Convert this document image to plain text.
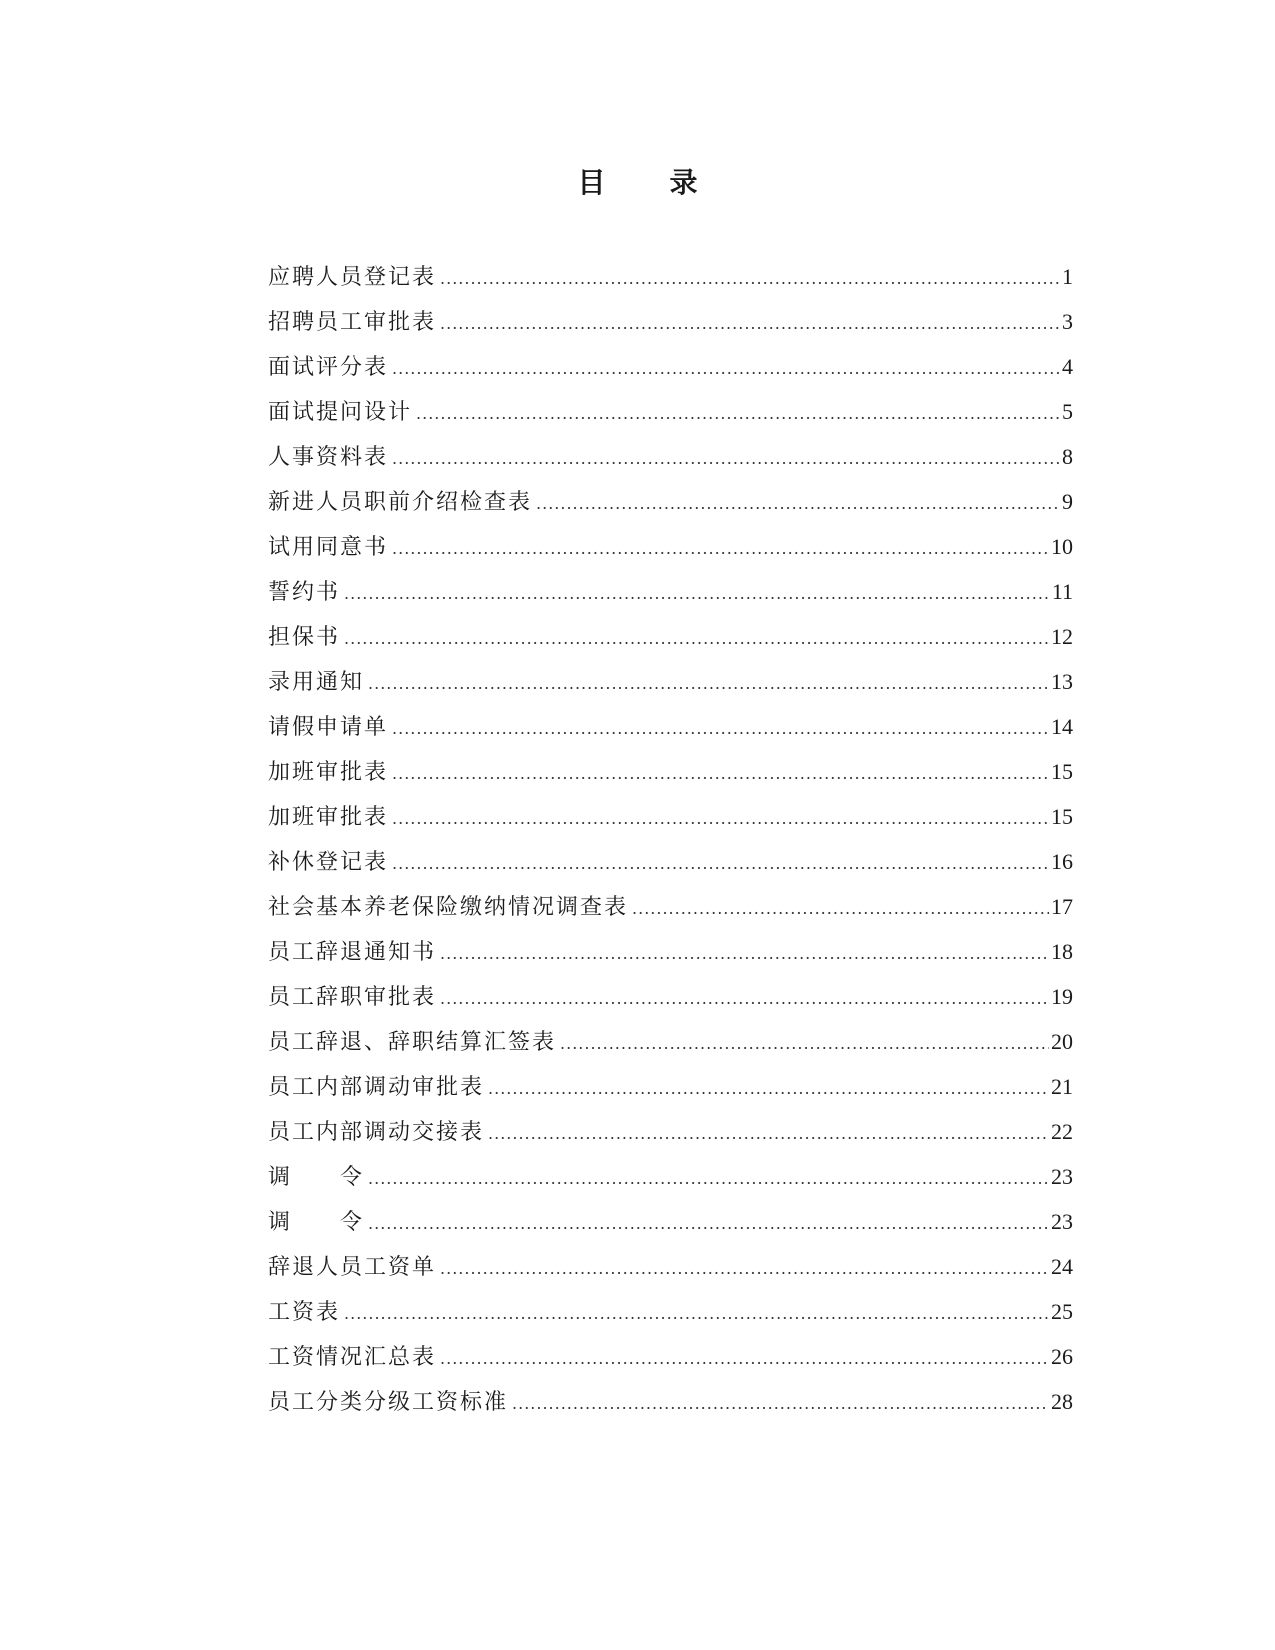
目 录
应聘人员登记表 .....	1
招聘员工审批表 .....	3
面试评分表 .....	4
面试提问设计 .....	5
人事资料表 .....	8
新进人员职前介绍检查表 .....	9
试用同意书 .....	10
誓约书 .....	11
担保书 .....	12
录用通知 .....	13
请假申请单 .....	14
加班审批表 .....	15
加班审批表 .....	15
补休登记表 .....	16
社会基本养老保险缴纳情况调查表 .....	17
员工辞退通知书 .....	18
员工辞职审批表 .....	19
员工辞退、辞职结算汇签表 .....	20
员工内部调动审批表 .....	21
员工内部调动交接表 .....	22
调　　令 .....	23
调　　令 .....	23
辞退人员工资单 .....	24
工资表 .....	25
工资情况汇总表 .....	26
员工分类分级工资标准 .....	28
